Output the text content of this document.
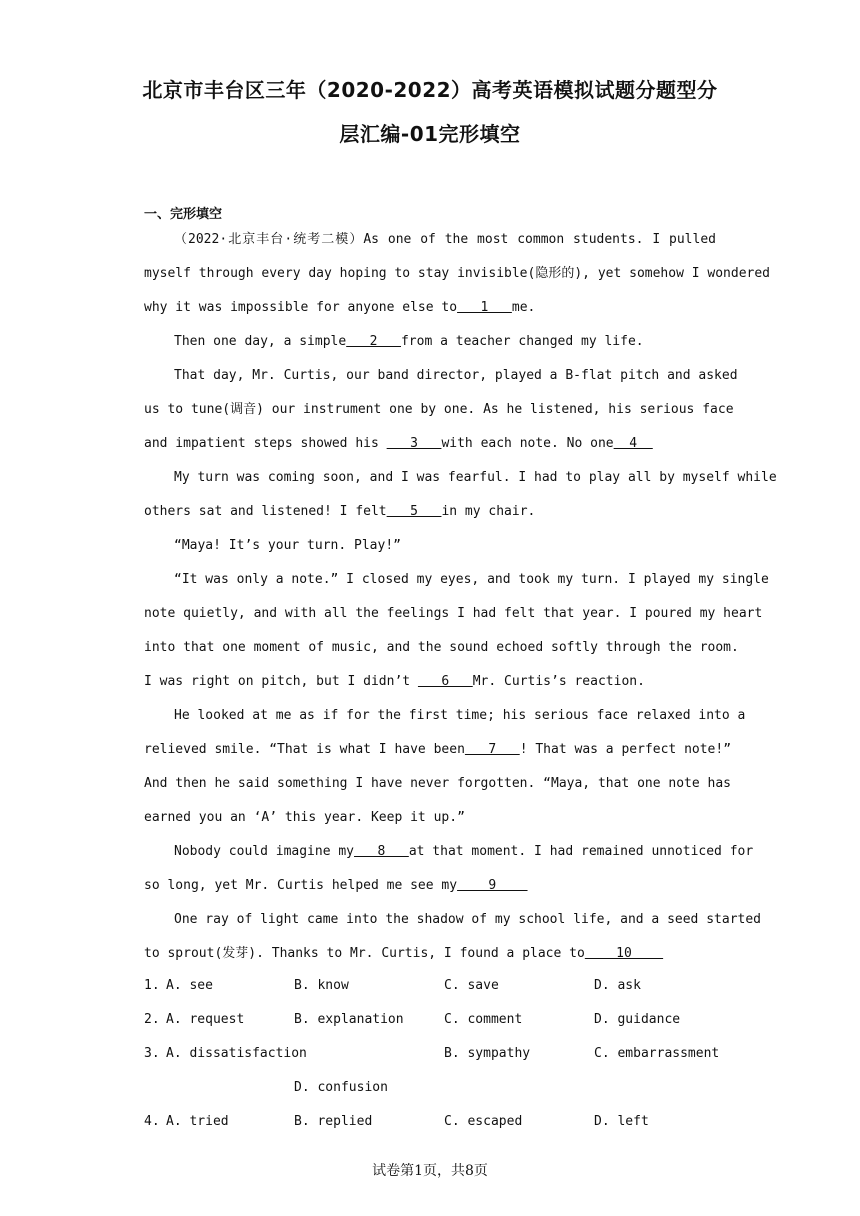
北京市丰台区三年（2020-2022）高考英语模拟试题分题型分
层汇编-01完形填空
一、完形填空
（2022·北京丰台·统考二模）As one of the most common students. I pulled
myself through every day hoping to stay invisible(隐形的), yet somehow I wondered
why it was impossible for anyone else to   1   me.
Then one day, a simple   2   from a teacher changed my life.
That day, Mr. Curtis, our band director, played a B-flat pitch and asked
us to tune(调音) our instrument one by one. As he listened, his serious face
and impatient steps showed his    3   with each note. No one  4
My turn was coming soon, and I was fearful. I had to play all by myself while
others sat and listened! I felt   5   in my chair.
“Maya! It’s your turn. Play!”
“It was only a note.” I closed my eyes, and took my turn. I played my single
note quietly, and with all the feelings I had felt that year. I poured my heart
into that one moment of music, and the sound echoed softly through the room.
I was right on pitch, but I didn’t    6   Mr. Curtis’s reaction.
He looked at me as if for the first time; his serious face relaxed into a
relieved smile. “That is what I have been   7   ! That was a perfect note!”
And then he said something I have never forgotten. “Maya, that one note has
earned you an ‘A’ this year. Keep it up.”
Nobody could imagine my   8   at that moment. I had remained unnoticed for
so long, yet Mr. Curtis helped me see my    9
One ray of light came into the shadow of my school life, and a seed started
to sprout(发芽). Thanks to Mr. Curtis, I found a place to    10
1. A. see	B. know	C. save	D. ask
2. A. request	B. explanation	C. comment	D. guidance
3. A. dissatisfaction	B. sympathy	C. embarrassment
D. confusion
4. A. tried	B. replied	C. escaped	D. left
试卷第1页，共8页
